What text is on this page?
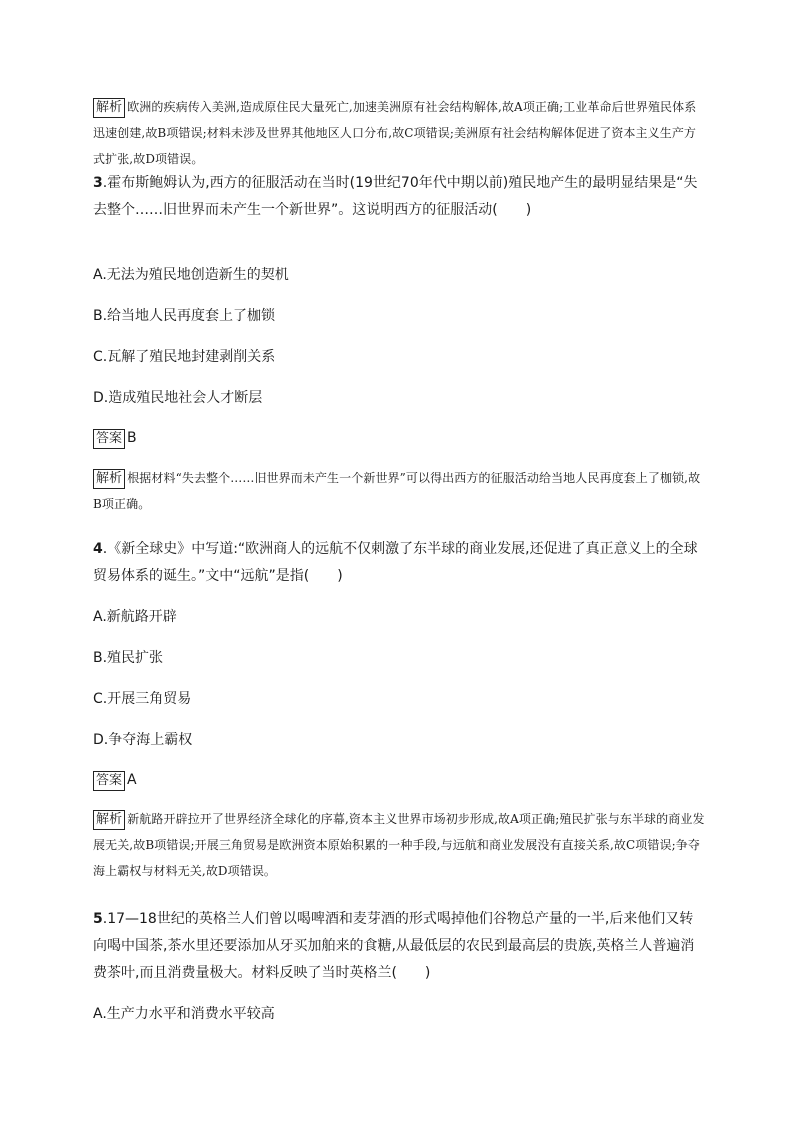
解析 欧洲的疾病传入美洲,造成原住民大量死亡,加速美洲原有社会结构解体,故A项正确;工业革命后世界殖民体系迅速创建,故B项错误;材料未涉及世界其他地区人口分布,故C项错误;美洲原有社会结构解体促进了资本主义生产方式扩张,故D项错误。

3.霍布斯鲍姆认为,西方的征服活动在当时(19世纪70年代中期以前)殖民地产生的最明显结果是“失去整个……旧世界而未产生一个新世界”。这说明西方的征服活动(　　)

A.无法为殖民地创造新生的契机

B.给当地人民再度套上了枷锁

C.瓦解了殖民地封建剥削关系

D.造成殖民地社会人才断层

答案 B

解析 根据材料“失去整个……旧世界而未产生一个新世界”可以得出西方的征服活动给当地人民再度套上了枷锁,故B项正确。

4.《新全球史》中写道:“欧洲商人的远航不仅刺激了东半球的商业发展,还促进了真正意义上的全球贸易体系的诞生。”文中“远航”是指(　　)

A.新航路开辟

B.殖民扩张

C.开展三角贸易

D.争夺海上霸权

答案 A

解析 新航路开辟拉开了世界经济全球化的序幕,资本主义世界市场初步形成,故A项正确;殖民扩张与东半球的商业发展无关,故B项错误;开展三角贸易是欧洲资本原始积累的一种手段,与远航和商业发展没有直接关系,故C项错误;争夺海上霸权与材料无关,故D项错误。

5.17—18世纪的英格兰人们曾以喝啤酒和麦芽酒的形式喝掉他们谷物总产量的一半,后来他们又转向喝中国茶,茶水里还要添加从牙买加舶来的食糖,从最低层的农民到最高层的贵族,英格兰人普遍消费茶叶,而且消费量极大。材料反映了当时英格兰(　　)

A.生产力水平和消费水平较高
